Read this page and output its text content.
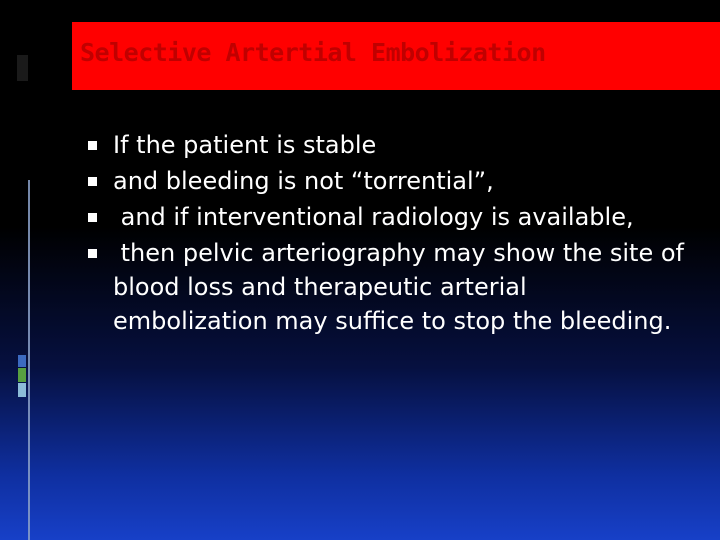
Selective Artertial Embolization
If the patient is stable
and bleeding is not “torrential”,
and if interventional radiology is available,
then pelvic arteriography may show the site of blood loss and therapeutic arterial embolization may suffice to stop the bleeding.
